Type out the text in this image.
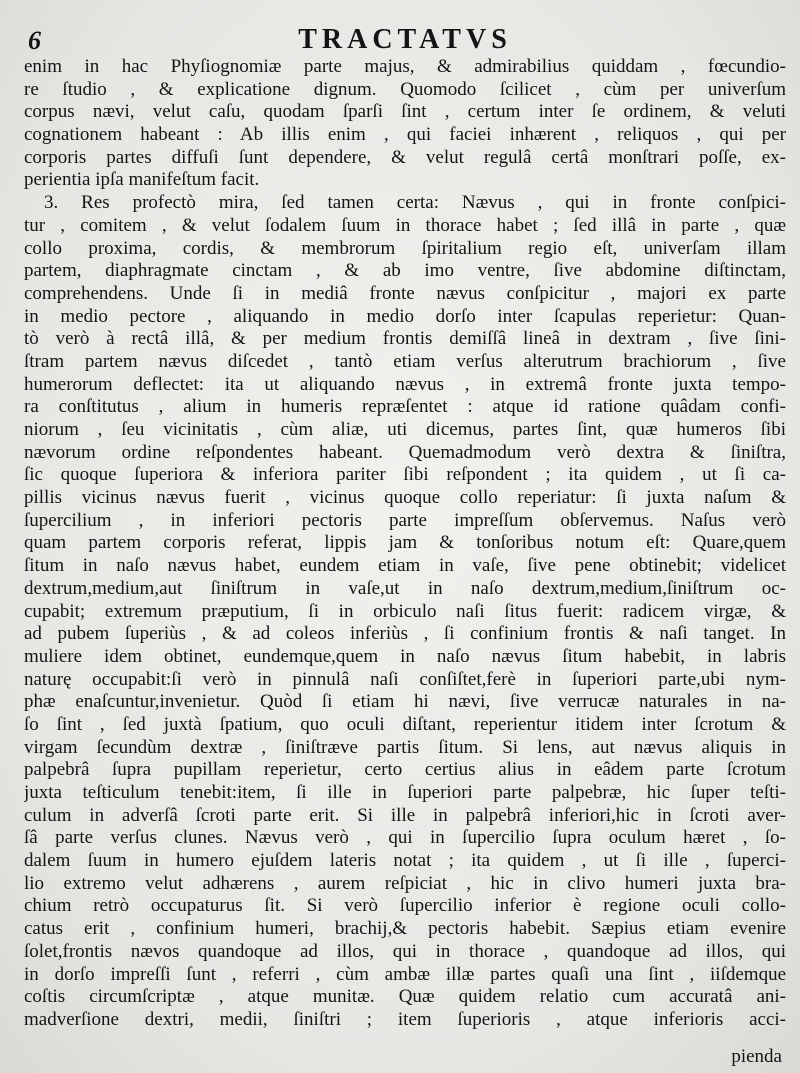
6	TRACTATVS
enim in hac Phyſiognomiæ parte majus, & admirabilius quiddam , fœcundio-
re ſtudio , & explicatione dignum. Quomodo ſcilicet , cùm per univerſum
corpus nævi, velut caſu, quodam ſparſi ſint , certum inter ſe ordinem, & veluti
cognationem habeant : Ab illis enim , qui faciei inhærent , reliquos , qui per
corporis partes diffuſi ſunt dependere, & velut regulâ certâ monſtrari poſſe, ex-
perientia ipſa manifeſtum facit.
3. Res profectò mira, ſed tamen certa: Nævus , qui in fronte conſpici-
tur , comitem , & velut ſodalem ſuum in thorace habet ; ſed illâ in parte , quæ
collo proxima, cordis, & membrorum ſpiritalium regio eſt, univerſam illam
partem, diaphragmate cinctam , & ab imo ventre, ſive abdomine diſtinctam,
comprehendens. Unde ſi in mediâ fronte nævus conſpicitur , majori ex parte
in medio pectore , aliquando in medio dorſo inter ſcapulas reperietur: Quan-
tò verò à rectâ illâ, & per medium frontis demiſſâ lineâ in dextram , ſive ſini-
ſtram partem nævus diſcedet , tantò etiam verſus alterutrum brachiorum , ſive
humerorum deflectet: ita ut aliquando nævus , in extremâ fronte juxta tempo-
ra conſtitutus , alium in humeris repræſentet : atque id ratione quâdam confi-
niorum , ſeu vicinitatis , cùm aliæ, uti dicemus, partes ſint, quæ humeros ſibi
nævorum ordine reſpondentes habeant. Quemadmodum verò dextra & ſiniſtra,
ſic quoque ſuperiora & inferiora pariter ſibi reſpondent ; ita quidem , ut ſi ca-
pillis vicinus nævus fuerit , vicinus quoque collo reperiatur: ſi juxta naſum &
ſupercilium , in inferiori pectoris parte impreſſum obſervemus. Naſus verò
quam partem corporis referat, lippis jam & tonſoribus notum eſt: Quare,quem
ſitum in naſo nævus habet, eundem etiam in vaſe, ſive pene obtinebit; videlicet
dextrum,medium,aut ſiniſtrum in vaſe,ut in naſo dextrum,medium,ſiniſtrum oc-
cupabit; extremum præputium, ſi in orbiculo naſi ſitus fuerit: radicem virgæ, &
ad pubem ſuperiùs , & ad coleos inferiùs , ſi confinium frontis & naſi tanget. In
muliere idem obtinet, eundemque,quem in naſo nævus ſitum habebit, in labris
naturę occupabit:ſi verò in pinnulâ naſi conſiſtet,ferè in ſuperiori parte,ubi nym-
phæ enaſcuntur,invenietur. Quòd ſi etiam hi nævi, ſive verrucæ naturales in na-
ſo ſint , ſed juxtà ſpatium, quo oculi diſtant, reperientur itidem inter ſcrotum &
virgam ſecundùm dextræ , ſiniſtræve partis ſitum. Si lens, aut nævus aliquis in
palpebrâ ſupra pupillam reperietur, certo certius alius in eâdem parte ſcrotum
juxta teſticulum tenebit:item, ſi ille in ſuperiori parte palpebræ, hic ſuper teſti-
culum in adverſâ ſcroti parte erit. Si ille in palpebrâ inferiori,hic in ſcroti aver-
ſâ parte verſus clunes. Nævus verò , qui in ſupercilio ſupra oculum hæret , ſo-
dalem ſuum in humero ejuſdem lateris notat ; ita quidem , ut ſi ille , ſuperci-
lio extremo velut adhærens , aurem reſpiciat , hic in clivo humeri juxta bra-
chium retrò occupaturus ſit. Si verò ſupercilio inferior è regione oculi collo-
catus erit , confinium humeri, brachij,& pectoris habebit. Sæpius etiam evenire
ſolet,frontis nævos quandoque ad illos, qui in thorace , quandoque ad illos, qui
in dorſo impreſſi ſunt , referri , cùm ambæ illæ partes quaſi una ſint , iiſdemque
coſtis circumſcriptæ , atque munitæ. Quæ quidem relatio cum accuratâ ani-
madverſione dextri, medii, ſiniſtri ; item ſuperioris , atque inferioris acci-
pienda
